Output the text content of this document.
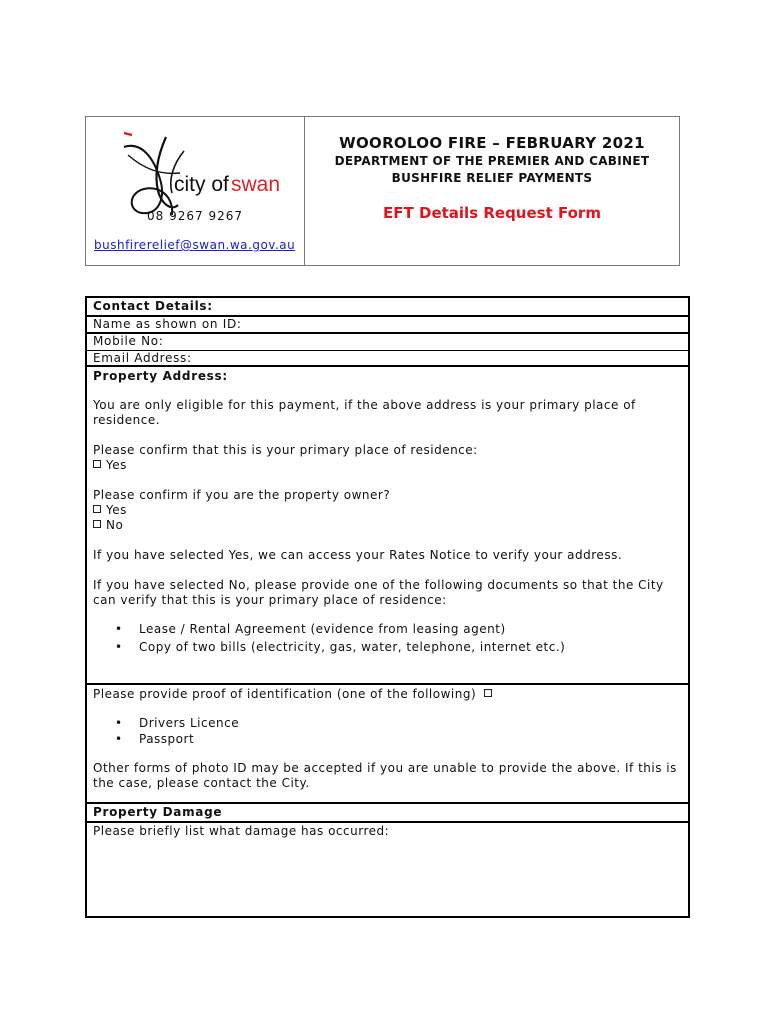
city of swan
08 9267 9267
bushfirerelief@swan.wa.gov.au
WOOROLOO FIRE – FEBRUARY 2021
DEPARTMENT OF THE PREMIER AND CABINET
BUSHFIRE RELIEF PAYMENTS
EFT Details Request Form
Contact Details:
Name as shown on ID:
Mobile No:
Email Address:

Property Address:

You are only eligible for this payment, if the above address is your primary place of residence.

Please confirm that this is your primary place of residence:

Yes

Please confirm if you are the property owner?

Yes

No

If you have selected Yes, we can access your Rates Notice to verify your address.

If you have selected No, please provide one of the following documents so that the City can verify that this is your primary place of residence:

• Lease / Rental Agreement (evidence from leasing agent)
• Copy of two bills (electricity, gas, water, telephone, internet etc.)

Please provide proof of identification (one of the following)

• Drivers Licence
• Passport

Other forms of photo ID may be accepted if you are unable to provide the above. If this is the case, please contact the City.

Property Damage

Please briefly list what damage has occurred:
